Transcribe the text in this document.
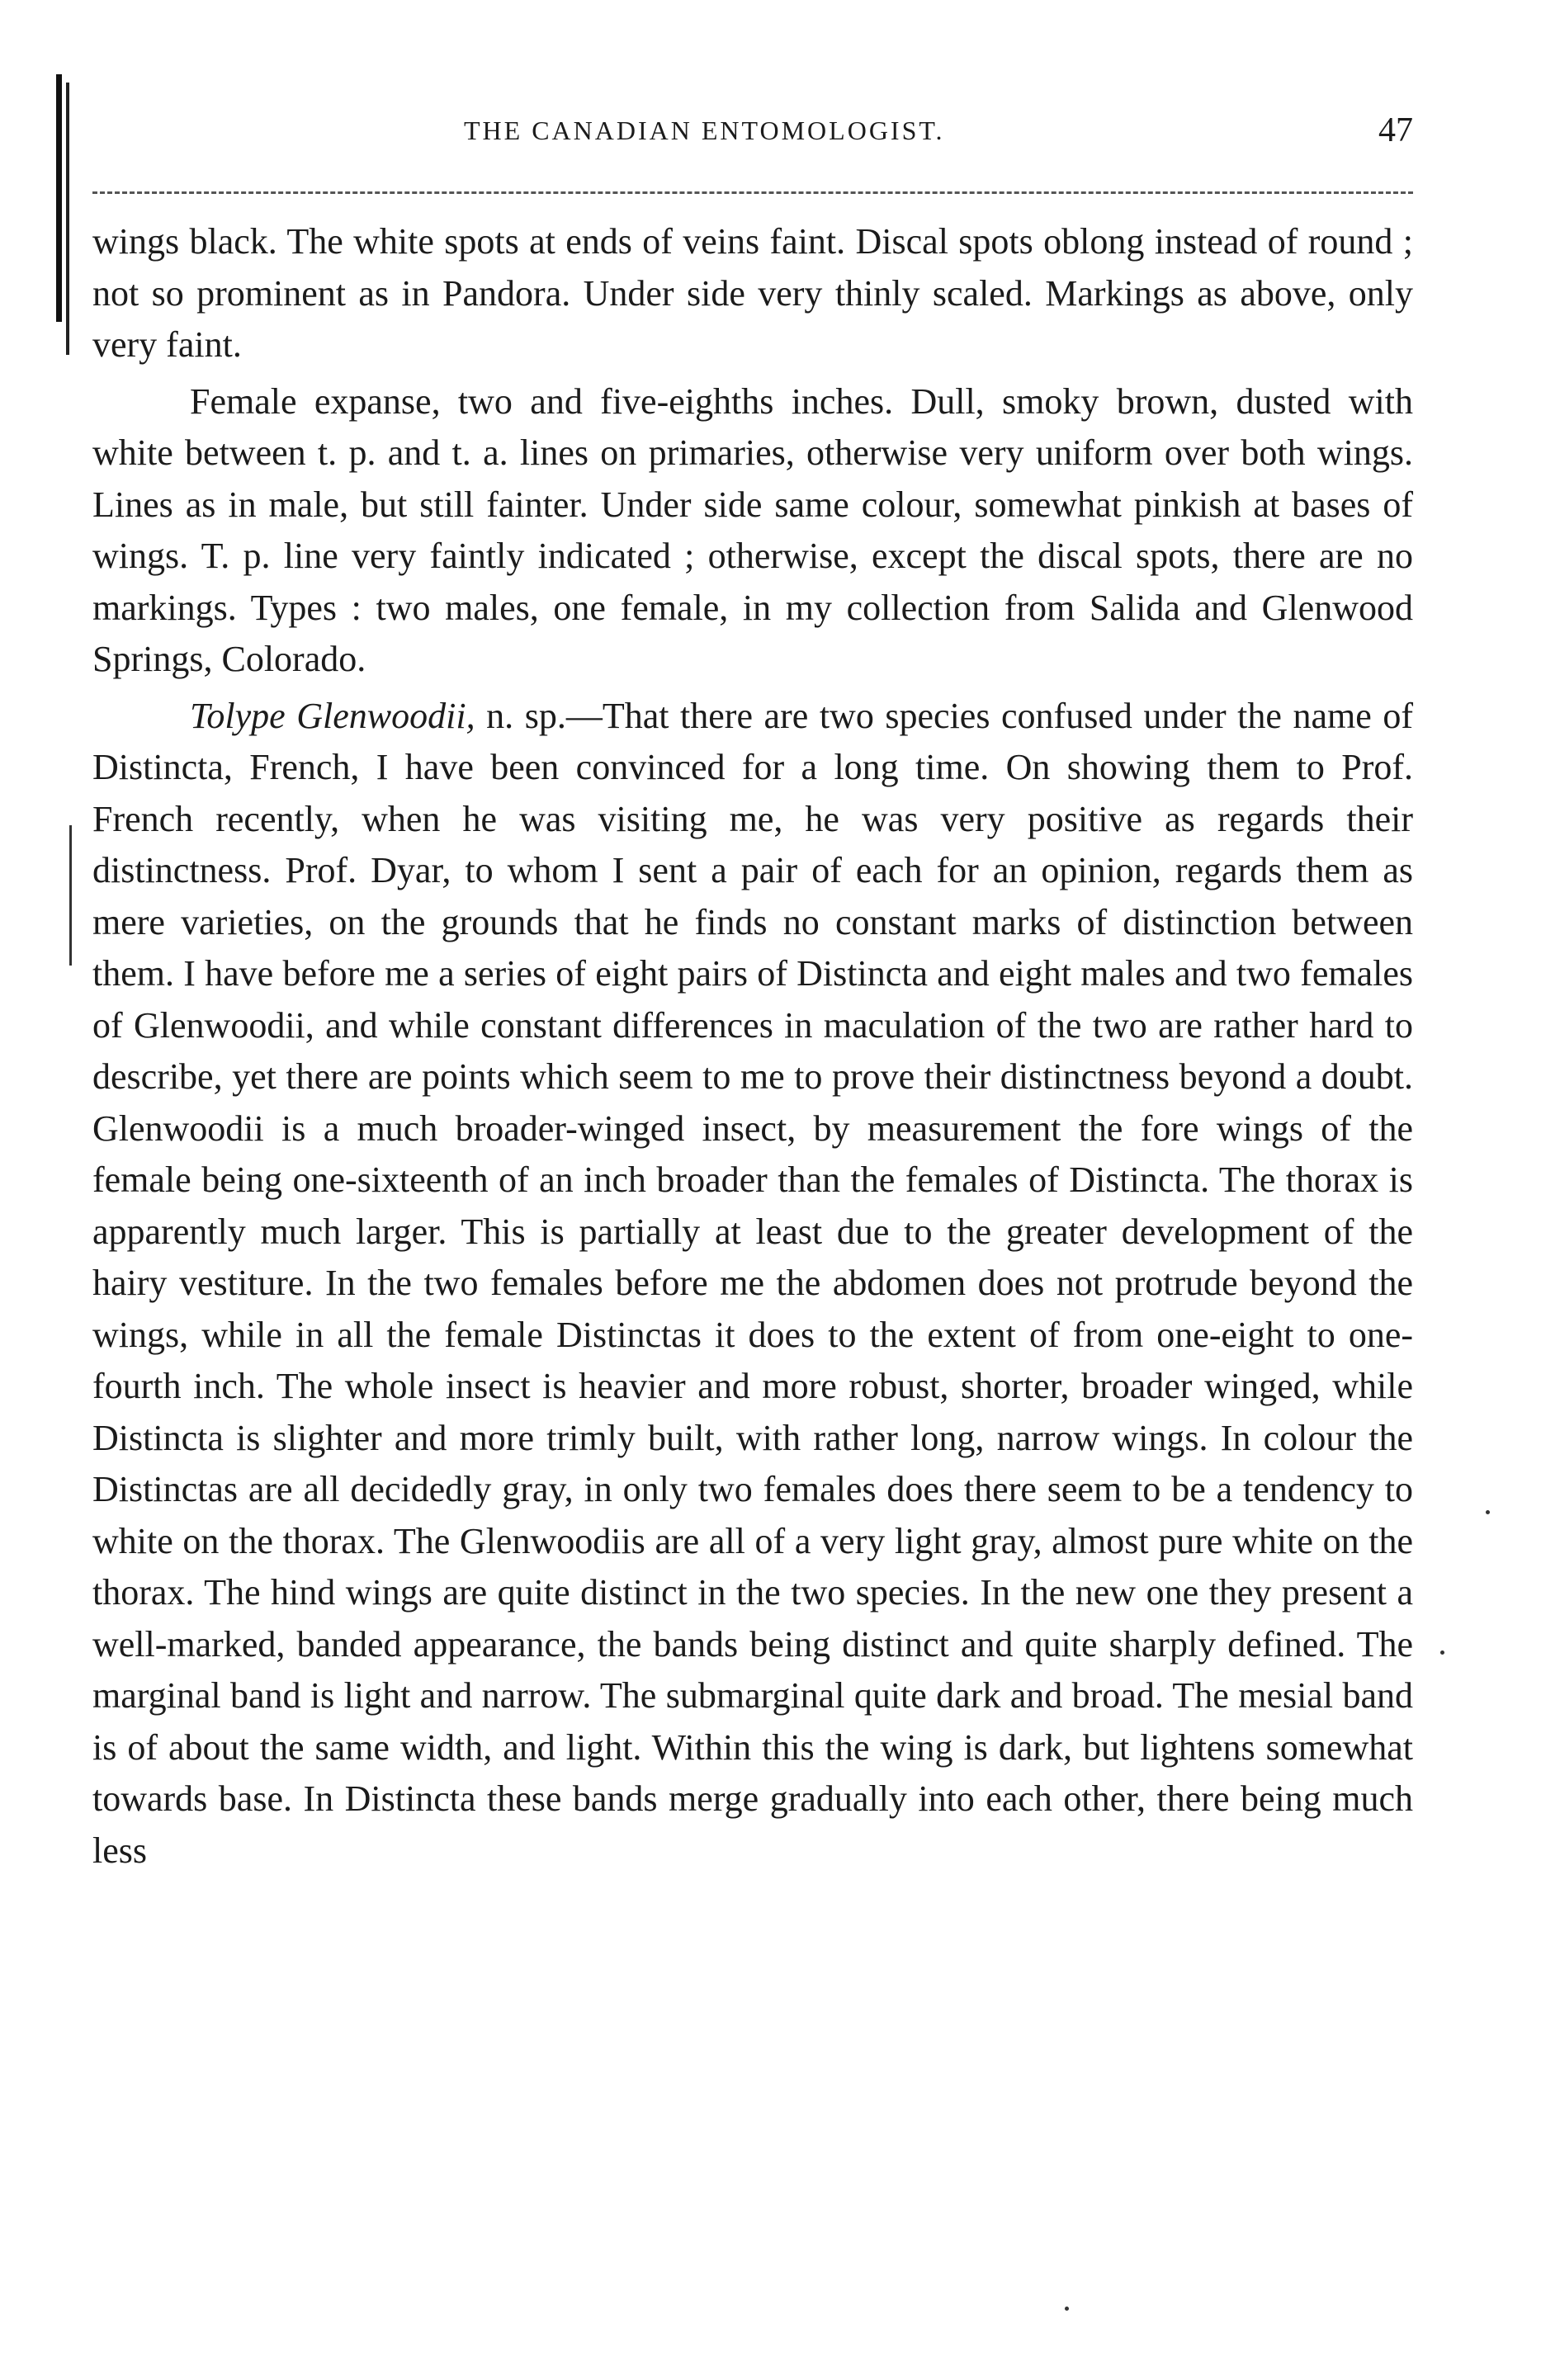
THE CANADIAN ENTOMOLOGIST.	47

wings black. The white spots at ends of veins faint. Discal spots oblong instead of round ; not so prominent as in Pandora. Under side very thinly scaled. Markings as above, only very faint.

Female expanse, two and five-eighths inches. Dull, smoky brown, dusted with white between t. p. and t. a. lines on primaries, otherwise very uniform over both wings. Lines as in male, but still fainter. Under side same colour, somewhat pinkish at bases of wings. T. p. line very faintly indicated ; otherwise, except the discal spots, there are no markings. Types : two males, one female, in my collection from Salida and Glenwood Springs, Colorado.

Tolype Glenwoodii, n. sp.—That there are two species confused under the name of Distincta, French, I have been convinced for a long time. On showing them to Prof. French recently, when he was visiting me, he was very positive as regards their distinctness. Prof. Dyar, to whom I sent a pair of each for an opinion, regards them as mere varieties, on the grounds that he finds no constant marks of distinction between them. I have before me a series of eight pairs of Distincta and eight males and two females of Glenwoodii, and while constant differences in maculation of the two are rather hard to describe, yet there are points which seem to me to prove their distinctness beyond a doubt. Glenwoodii is a much broader-winged insect, by measurement the fore wings of the female being one-sixteenth of an inch broader than the females of Distincta. The thorax is apparently much larger. This is partially at least due to the greater development of the hairy vestiture. In the two females before me the abdomen does not protrude beyond the wings, while in all the female Distinctas it does to the extent of from one-eight to one-fourth inch. The whole insect is heavier and more robust, shorter, broader winged, while Distincta is slighter and more trimly built, with rather long, narrow wings. In colour the Distinctas are all decidedly gray, in only two females does there seem to be a tendency to white on the thorax. The Glenwoodiis are all of a very light gray, almost pure white on the thorax. The hind wings are quite distinct in the two species. In the new one they present a well-marked, banded appearance, the bands being distinct and quite sharply defined. The marginal band is light and narrow. The submarginal quite dark and broad. The mesial band is of about the same width, and light. Within this the wing is dark, but lightens somewhat towards base. In Distincta these bands merge gradually into each other, there being much less
